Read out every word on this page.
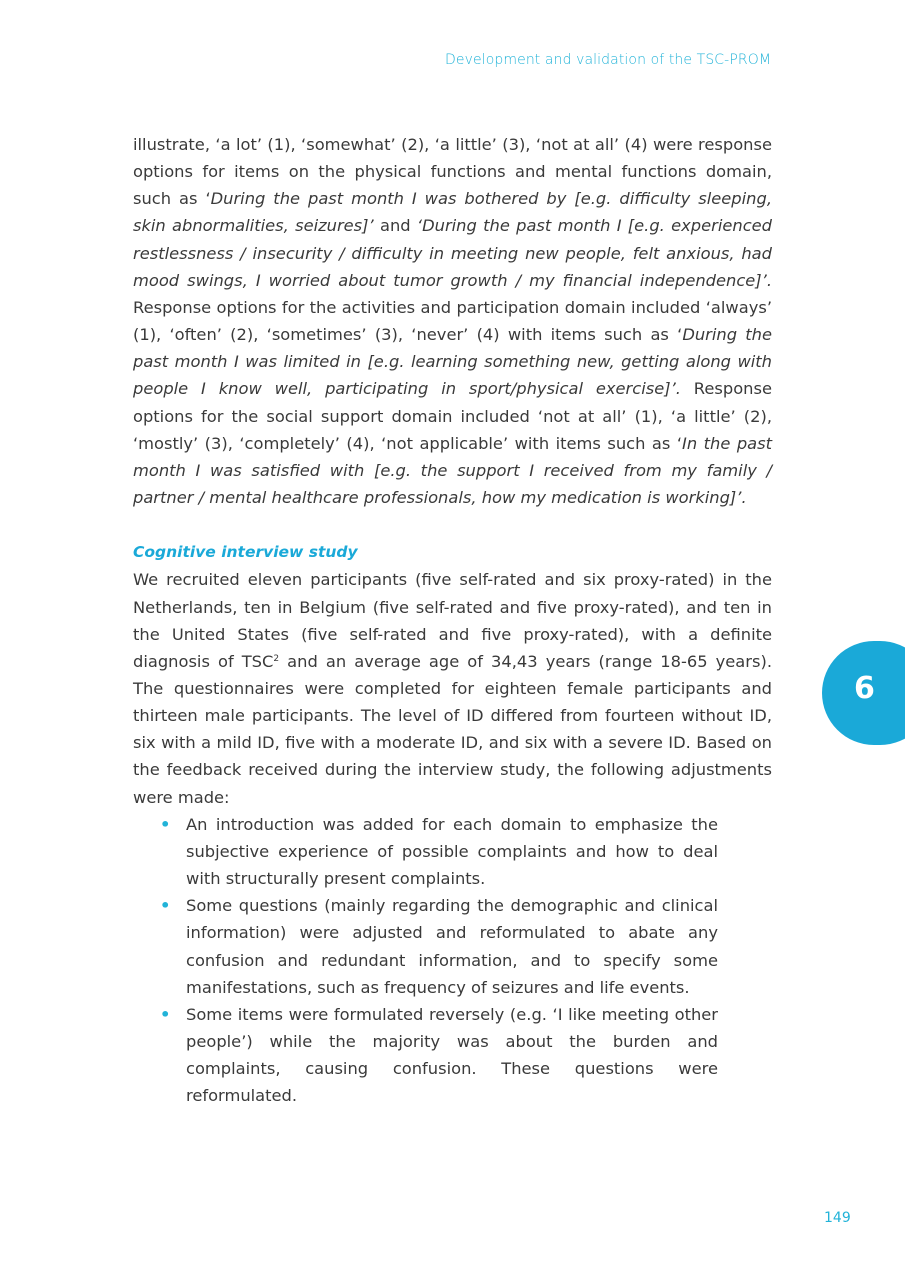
Development and validation of the TSC-PROM
6

illustrate, ‘a lot’ (1), ‘somewhat’ (2), ‘a little’ (3), ‘not at all’ (4) were response options for items on the physical functions and mental functions domain, such as ‘During the past month I was bothered by [e.g. difficulty sleeping, skin abnormalities, seizures]’ and ‘During the past month I [e.g. experienced restlessness / insecurity / difficulty in meeting new people, felt anxious, had mood swings, I worried about tumor growth / my financial independence]’. Response options for the activities and participation domain included ‘always’ (1), ‘often’ (2), ‘sometimes’ (3), ‘never’ (4) with items such as ‘During the past month I was limited in [e.g. learning something new, getting along with people I know well, participating in sport/physical exercise]’. Response options for the social support domain included ‘not at all’ (1), ‘a little’ (2), ‘mostly’ (3), ‘completely’ (4), ‘not applicable’ with items such as ‘In the past month I was satisfied with [e.g. the support I received from my family / partner / mental healthcare professionals, how my medication is working]’.

Cognitive interview study

We recruited eleven participants (five self-rated and six proxy-rated) in the Netherlands, ten in Belgium (five self-rated and five proxy-rated), and ten in the United States (five self-rated and five proxy-rated), with a definite diagnosis of TSC$^2$ and an average age of 34,43 years (range 18-65 years). The questionnaires were completed for eighteen female participants and thirteen male participants. The level of ID differed from fourteen without ID, six with a mild ID, five with a moderate ID, and six with a severe ID. Based on the feedback received during the interview study, the following adjustments were made:

• An introduction was added for each domain to emphasize the subjective experience of possible complaints and how to deal with structurally present complaints.
• Some questions (mainly regarding the demographic and clinical information) were adjusted and reformulated to abate any confusion and redundant information, and to specify some manifestations, such as frequency of seizures and life events.
• Some items were formulated reversely (e.g. ‘I like meeting other people’) while the majority was about the burden and complaints, causing confusion. These questions were reformulated.
149
